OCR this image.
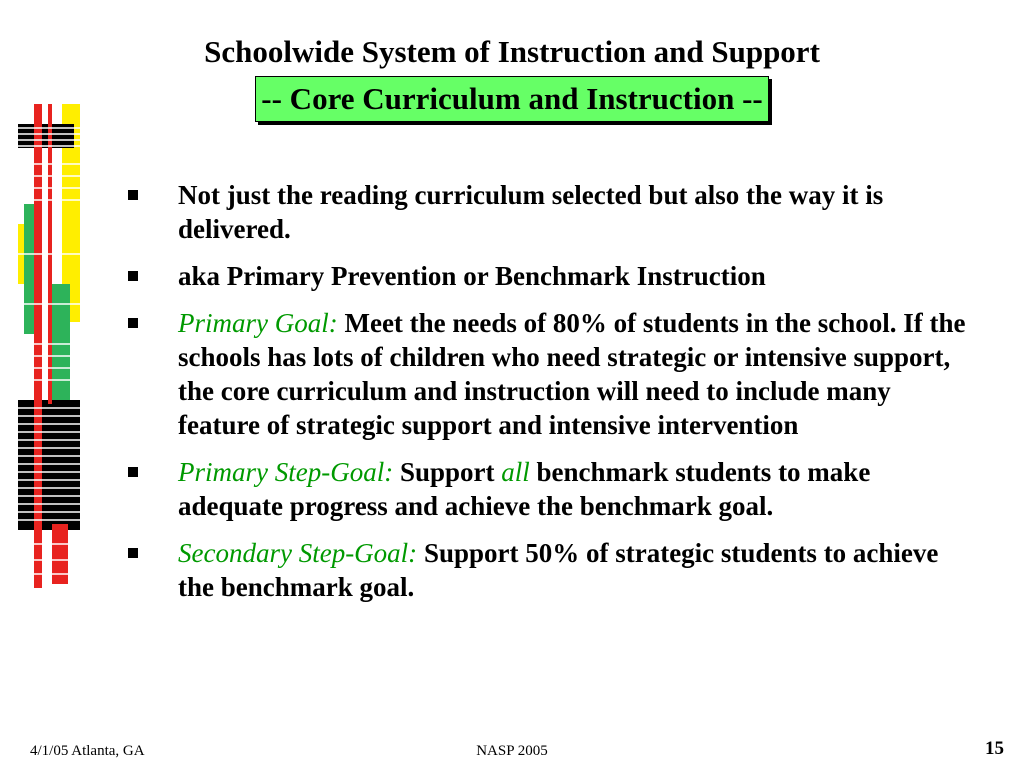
Schoolwide System of Instruction and Support
-- Core Curriculum and Instruction --
Not just the reading curriculum selected but also the way it is delivered.
aka Primary Prevention or Benchmark Instruction
Primary Goal: Meet the needs of 80% of students in the school. If the schools has lots of children who need strategic or intensive support, the core curriculum and instruction will need to include many feature of strategic support and intensive intervention
Primary Step-Goal: Support all benchmark students to make adequate progress and achieve the benchmark goal.
Secondary Step-Goal: Support 50% of strategic students to achieve the benchmark goal.
4/1/05 Atlanta, GA	NASP 2005	15
